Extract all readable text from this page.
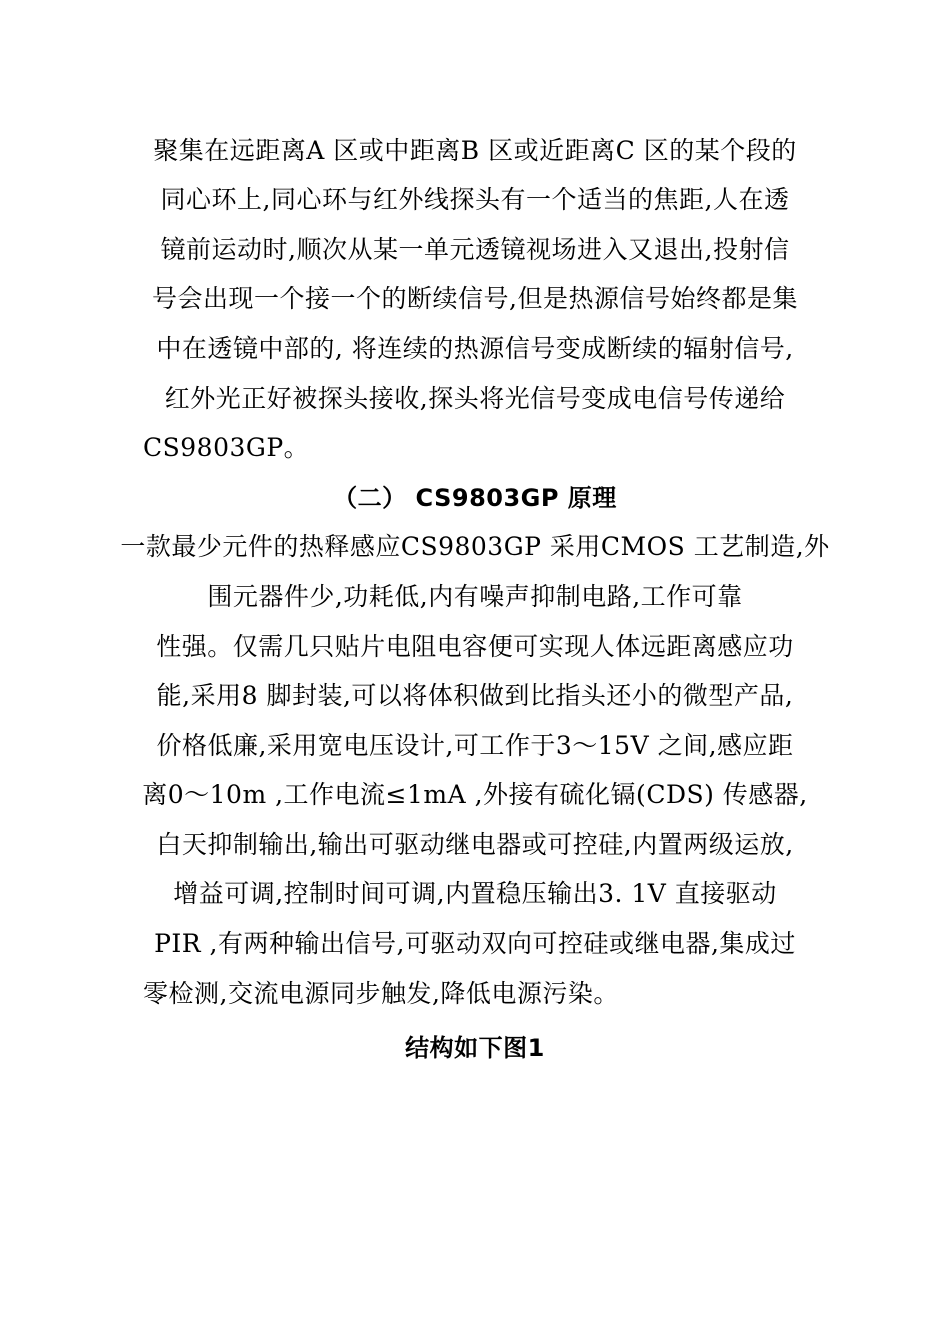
聚集在远距离A 区或中距离B 区或近距离C 区的某个段的
同心环上,同心环与红外线探头有一个适当的焦距,人在透
镜前运动时,顺次从某一单元透镜视场进入又退出,投射信
号会出现一个接一个的断续信号,但是热源信号始终都是集
中在透镜中部的, 将连续的热源信号变成断续的辐射信号,
红外光正好被探头接收,探头将光信号变成电信号传递给
CS9803GP。
（二） CS9803GP 原理
一款最少元件的热释感应CS9803GP 采用CMOS 工艺制造,外
围元器件少,功耗低,内有噪声抑制电路,工作可靠
性强。仅需几只贴片电阻电容便可实现人体远距离感应功
能,采用8 脚封装,可以将体积做到比指头还小的微型产品,
价格低廉,采用宽电压设计,可工作于3～15V 之间,感应距
离0～10m ,工作电流≤1mA ,外接有硫化镉(CDS) 传感器,
白天抑制输出,输出可驱动继电器或可控硅,内置两级运放,
增益可调,控制时间可调,内置稳压输出3. 1V 直接驱动
PIR ,有两种输出信号,可驱动双向可控硅或继电器,集成过
零检测,交流电源同步触发,降低电源污染。
结构如下图1
